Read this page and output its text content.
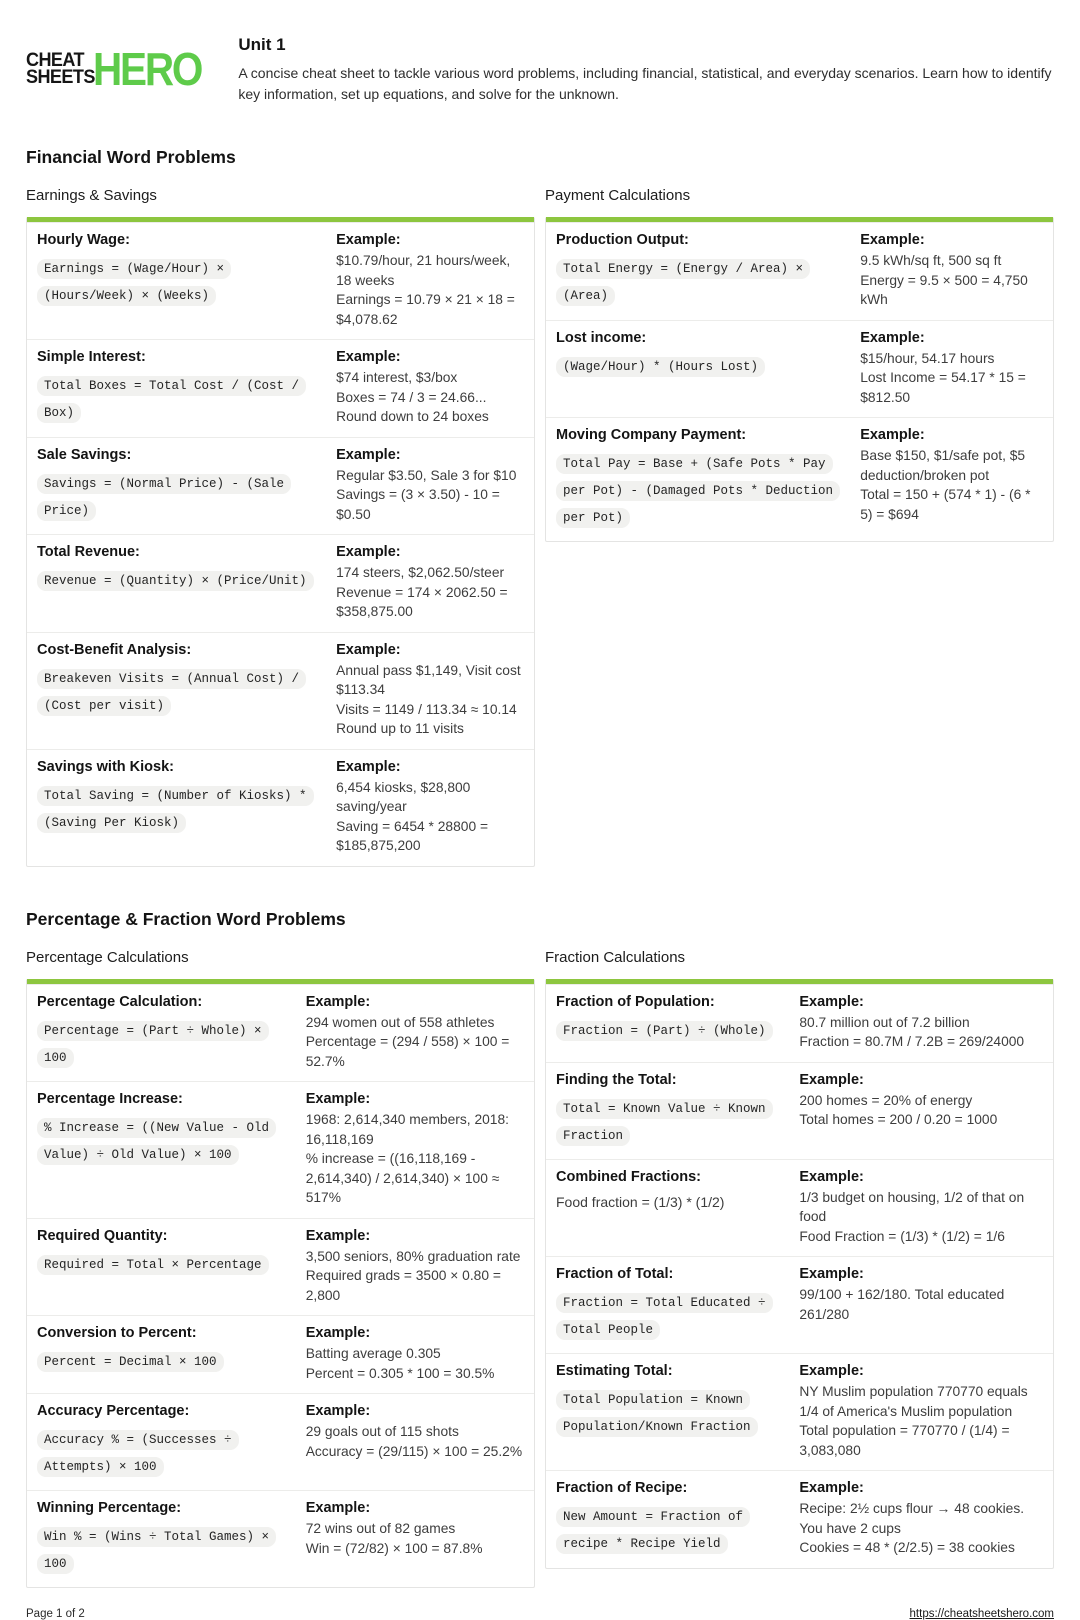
CHEAT
SHEETS
HERO Unit 1
A concise cheat sheet to tackle various word problems, including financial, statistical, and everyday scenarios. Learn how to identify key information, set up equations, and solve for the unknown.
Financial Word Problems
Earnings & Savings
Hourly Wage:
Earnings = (Wage/Hour) × (Hours/Week) × (Weeks)
Example:
$10.79/hour, 21 hours/week, 18 weeks
Earnings = 10.79 × 21 × 18 = $4,078.62
Simple Interest:
Total Boxes = Total Cost / (Cost / Box)
Example:
$74 interest, $3/box
Boxes = 74 / 3 = 24.66...
Round down to 24 boxes
Sale Savings:
Savings = (Normal Price) - (Sale Price)
Example:
Regular $3.50, Sale 3 for $10
Savings = (3 × 3.50) - 10 = $0.50
Total Revenue:
Revenue = (Quantity) × (Price/Unit)
Example:
174 steers, $2,062.50/steer
Revenue = 174 × 2062.50 = $358,875.00
Cost-Benefit Analysis:
Breakeven Visits = (Annual Cost) / (Cost per visit)
Example:
Annual pass $1,149, Visit cost $113.34
Visits = 1149 / 113.34 ≈ 10.14
Round up to 11 visits
Savings with Kiosk:
Total Saving = (Number of Kiosks) * (Saving Per Kiosk)
Example:
6,454 kiosks, $28,800 saving/year
Saving = 6454 * 28800 = $185,875,200
Payment Calculations
Production Output:
Total Energy = (Energy / Area) × (Area)
Example:
9.5 kWh/sq ft, 500 sq ft
Energy = 9.5 × 500 = 4,750 kWh
Lost income:
(Wage/Hour) * (Hours Lost)
Example:
$15/hour, 54.17 hours
Lost Income = 54.17 * 15 = $812.50
Moving Company Payment:
Total Pay = Base + (Safe Pots * Pay per Pot) - (Damaged Pots * Deduction per Pot)
Example:
Base $150, $1/safe pot, $5 deduction/broken pot
Total = 150 + (574 * 1) - (6 * 5) = $694
Percentage & Fraction Word Problems
Percentage Calculations
Percentage Calculation:
Percentage = (Part ÷ Whole) × 100
Example:
294 women out of 558 athletes
Percentage = (294 / 558) × 100 = 52.7%
Percentage Increase:
% Increase = ((New Value - Old Value) ÷ Old Value) × 100
Example:
1968: 2,614,340 members, 2018: 16,118,169
% increase = ((16,118,169 - 2,614,340) / 2,614,340) × 100 ≈ 517%
Required Quantity:
Required = Total × Percentage
Example:
3,500 seniors, 80% graduation rate
Required grads = 3500 × 0.80 = 2,800
Conversion to Percent:
Percent = Decimal × 100
Example:
Batting average 0.305
Percent = 0.305 * 100 = 30.5%
Accuracy Percentage:
Accuracy % = (Successes ÷ Attempts) × 100
Example:
29 goals out of 115 shots
Accuracy = (29/115) × 100 = 25.2%
Winning Percentage:
Win % = (Wins ÷ Total Games) × 100
Example:
72 wins out of 82 games
Win = (72/82) × 100 = 87.8%
Fraction Calculations
Fraction of Population:
Fraction = (Part) ÷ (Whole)
Example:
80.7 million out of 7.2 billion
Fraction = 80.7M / 7.2B = 269/24000
Finding the Total:
Total = Known Value ÷ Known Fraction
Example:
200 homes = 20% of energy
Total homes = 200 / 0.20 = 1000
Combined Fractions:
Food fraction = (1/3) * (1/2)
Example:
1/3 budget on housing, 1/2 of that on food
Food Fraction = (1/3) * (1/2) = 1/6
Fraction of Total:
Fraction = Total Educated ÷ Total People
Example:
99/100 + 162/180. Total educated 261/280
Estimating Total:
Total Population = Known Population/Known Fraction
Example:
NY Muslim population 770770 equals 1/4 of America's Muslim population
Total population = 770770 / (1/4) = 3,083,080
Fraction of Recipe:
New Amount = Fraction of recipe * Recipe Yield
Example:
Recipe: 2½ cups flour → 48 cookies.
You have 2 cups
Cookies = 48 * (2/2.5) = 38 cookies
Page 1 of 2	https://cheatsheetshero.com
